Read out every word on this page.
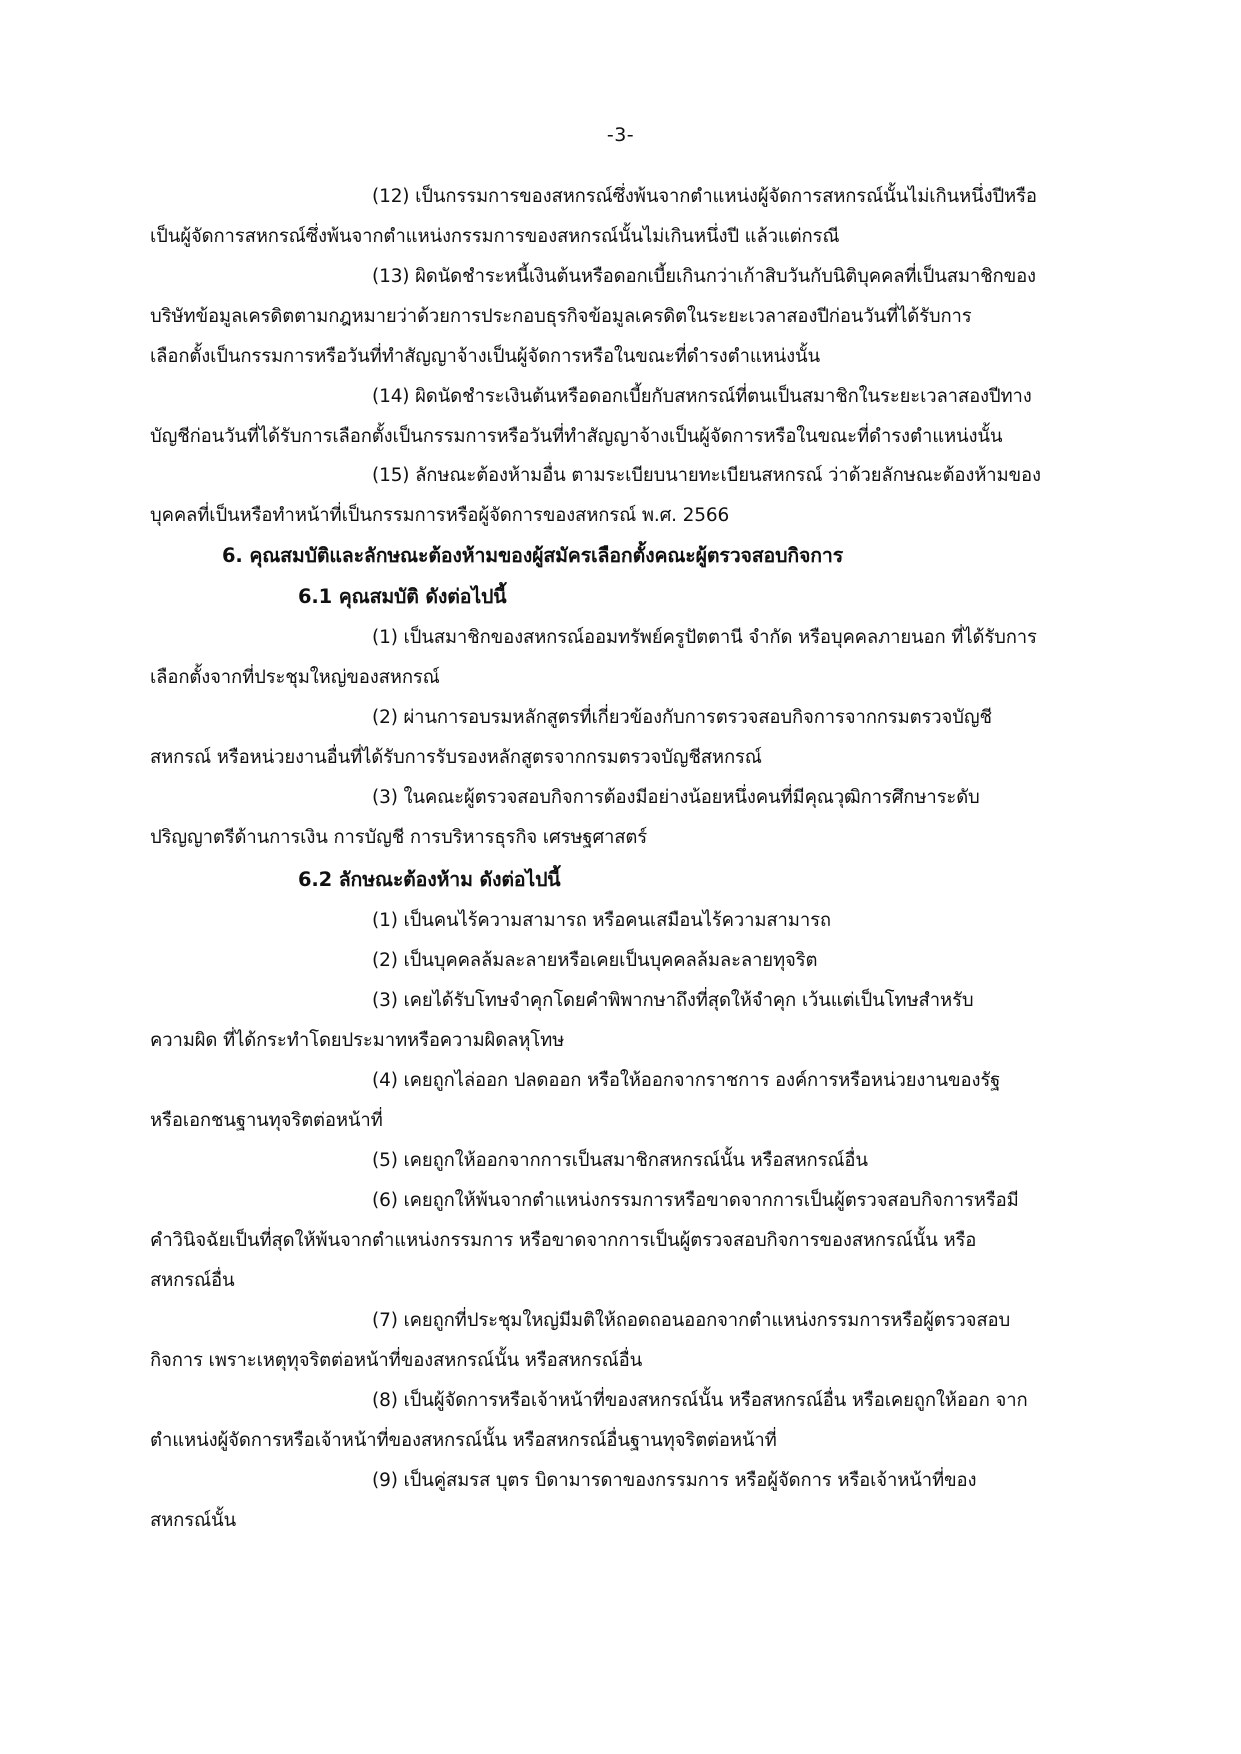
-3-
(12) เป็นกรรมการของสหกรณ์ซึ่งพ้นจากตำแหน่งผู้จัดการสหกรณ์นั้นไม่เกินหนึ่งปีหรือ
เป็นผู้จัดการสหกรณ์ซึ่งพ้นจากตำแหน่งกรรมการของสหกรณ์นั้นไม่เกินหนึ่งปี แล้วแต่กรณี
(13) ผิดนัดชำระหนี้เงินต้นหรือดอกเบี้ยเกินกว่าเก้าสิบวันกับนิติบุคคลที่เป็นสมาชิกของ
บริษัทข้อมูลเครดิตตามกฎหมายว่าด้วยการประกอบธุรกิจข้อมูลเครดิตในระยะเวลาสองปีก่อนวันที่ได้รับการ
เลือกตั้งเป็นกรรมการหรือวันที่ทำสัญญาจ้างเป็นผู้จัดการหรือในขณะที่ดำรงตำแหน่งนั้น
(14) ผิดนัดชำระเงินต้นหรือดอกเบี้ยกับสหกรณ์ที่ตนเป็นสมาชิกในระยะเวลาสองปีทาง
บัญชีก่อนวันที่ได้รับการเลือกตั้งเป็นกรรมการหรือวันที่ทำสัญญาจ้างเป็นผู้จัดการหรือในขณะที่ดำรงตำแหน่งนั้น
(15) ลักษณะต้องห้ามอื่น ตามระเบียบนายทะเบียนสหกรณ์ ว่าด้วยลักษณะต้องห้ามของ
บุคคลที่เป็นหรือทำหน้าที่เป็นกรรมการหรือผู้จัดการของสหกรณ์ พ.ศ. 2566
6. คุณสมบัติและลักษณะต้องห้ามของผู้สมัครเลือกตั้งคณะผู้ตรวจสอบกิจการ
6.1 คุณสมบัติ ดังต่อไปนี้
(1) เป็นสมาชิกของสหกรณ์ออมทรัพย์ครูปัตตานี จำกัด หรือบุคคลภายนอก ที่ได้รับการ
เลือกตั้งจากที่ประชุมใหญ่ของสหกรณ์
(2) ผ่านการอบรมหลักสูตรที่เกี่ยวข้องกับการตรวจสอบกิจการจากกรมตรวจบัญชี
สหกรณ์ หรือหน่วยงานอื่นที่ได้รับการรับรองหลักสูตรจากกรมตรวจบัญชีสหกรณ์
(3) ในคณะผู้ตรวจสอบกิจการต้องมีอย่างน้อยหนึ่งคนที่มีคุณวุฒิการศึกษาระดับ
ปริญญาตรีด้านการเงิน การบัญชี การบริหารธุรกิจ เศรษฐศาสตร์
6.2 ลักษณะต้องห้าม ดังต่อไปนี้
(1) เป็นคนไร้ความสามารถ หรือคนเสมือนไร้ความสามารถ
(2) เป็นบุคคลล้มละลายหรือเคยเป็นบุคคลล้มละลายทุจริต
(3) เคยได้รับโทษจำคุกโดยคำพิพากษาถึงที่สุดให้จำคุก เว้นแต่เป็นโทษสำหรับ
ความผิด ที่ได้กระทำโดยประมาทหรือความผิดลหุโทษ
(4) เคยถูกไล่ออก ปลดออก หรือให้ออกจากราชการ องค์การหรือหน่วยงานของรัฐ
หรือเอกชนฐานทุจริตต่อหน้าที่
(5) เคยถูกให้ออกจากการเป็นสมาชิกสหกรณ์นั้น หรือสหกรณ์อื่น
(6) เคยถูกให้พ้นจากตำแหน่งกรรมการหรือขาดจากการเป็นผู้ตรวจสอบกิจการหรือมี
คำวินิจฉัยเป็นที่สุดให้พ้นจากตำแหน่งกรรมการ หรือขาดจากการเป็นผู้ตรวจสอบกิจการของสหกรณ์นั้น หรือ
สหกรณ์อื่น
(7) เคยถูกที่ประชุมใหญ่มีมติให้ถอดถอนออกจากตำแหน่งกรรมการหรือผู้ตรวจสอบ
กิจการ เพราะเหตุทุจริตต่อหน้าที่ของสหกรณ์นั้น หรือสหกรณ์อื่น
(8) เป็นผู้จัดการหรือเจ้าหน้าที่ของสหกรณ์นั้น หรือสหกรณ์อื่น หรือเคยถูกให้ออก จาก
ตำแหน่งผู้จัดการหรือเจ้าหน้าที่ของสหกรณ์นั้น หรือสหกรณ์อื่นฐานทุจริตต่อหน้าที่
(9) เป็นคู่สมรส บุตร บิดามารดาของกรรมการ หรือผู้จัดการ หรือเจ้าหน้าที่ของ
สหกรณ์นั้น
